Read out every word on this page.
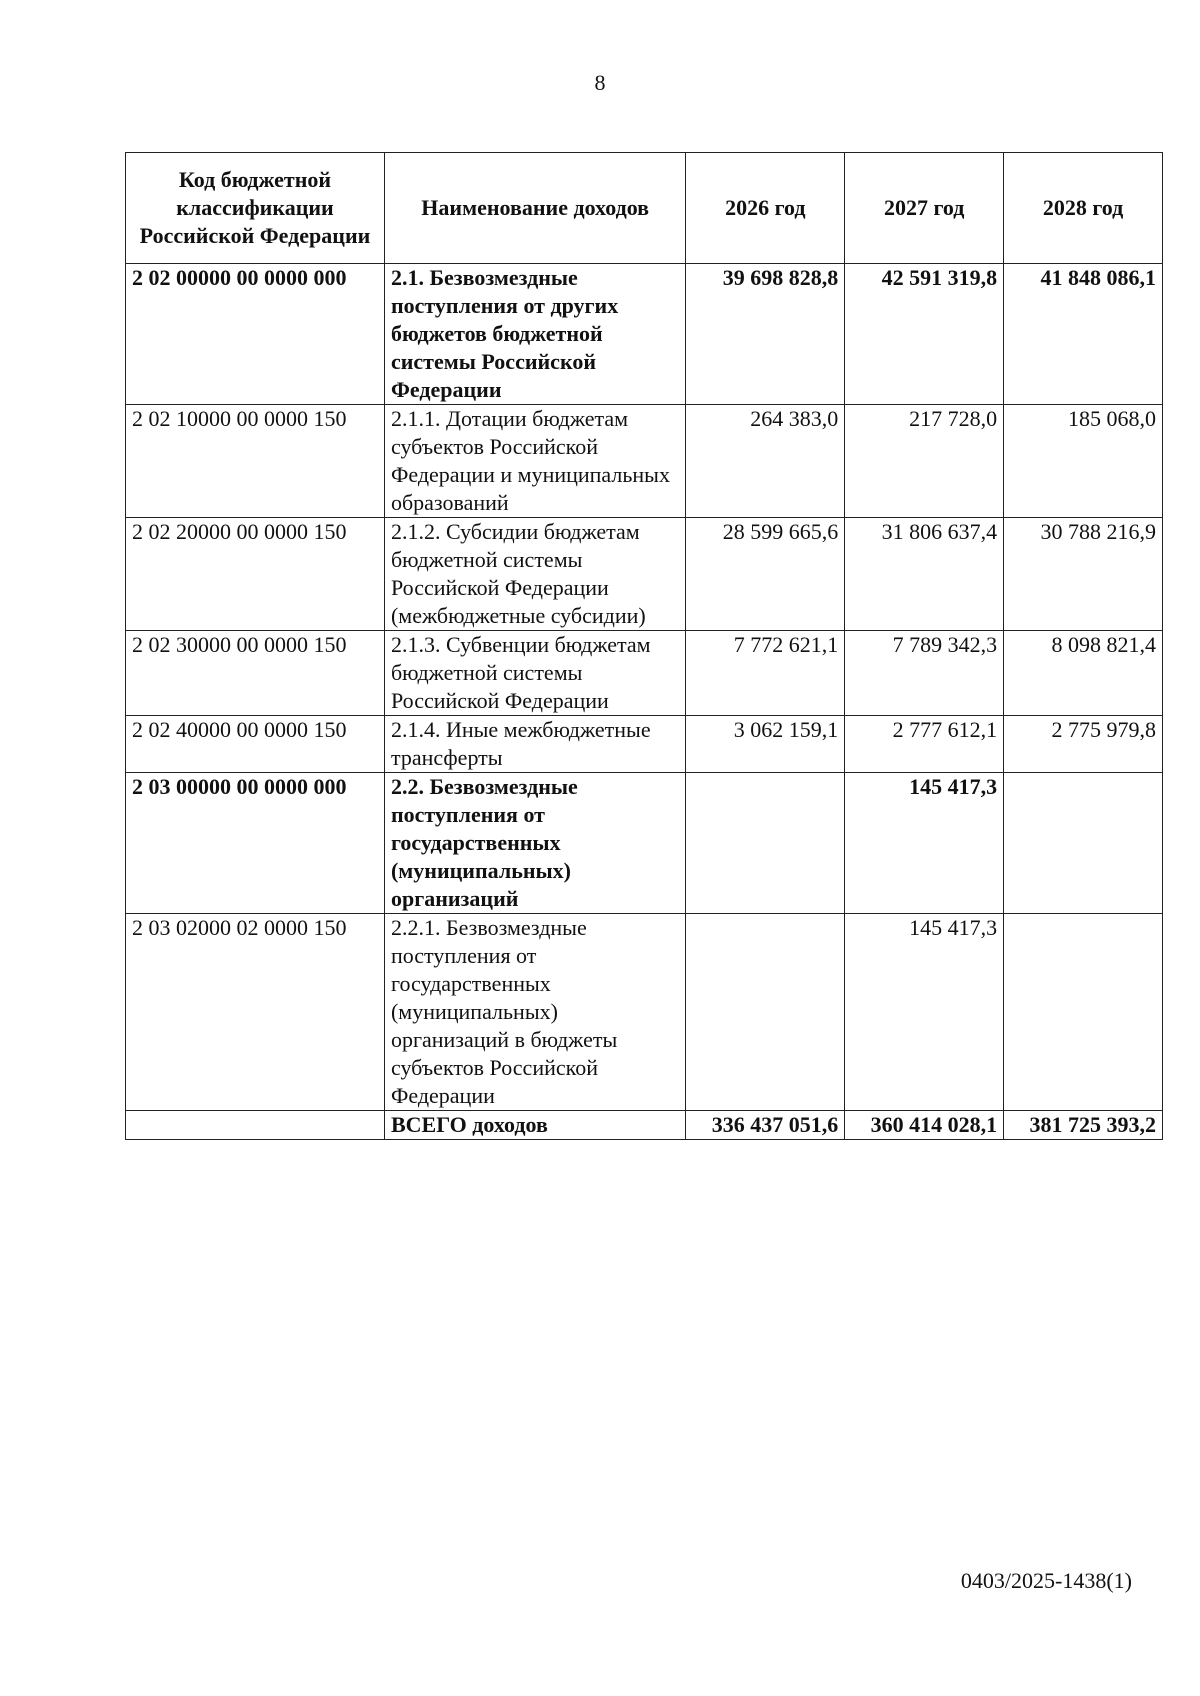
8
Код бюджетной классификации Российской Федерации	Наименование доходов	2026 год	2027 год	2028 год
2 02 00000 00 0000 000	2.1. Безвозмездные поступления от других бюджетов бюджетной системы Российской Федерации	39 698 828,8	42 591 319,8	41 848 086,1
2 02 10000 00 0000 150	2.1.1. Дотации бюджетам субъектов Российской Федерации и муниципальных образований	264 383,0	217 728,0	185 068,0
2 02 20000 00 0000 150	2.1.2. Субсидии бюджетам бюджетной системы Российской Федерации (межбюджетные субсидии)	28 599 665,6	31 806 637,4	30 788 216,9
2 02 30000 00 0000 150	2.1.3. Субвенции бюджетам бюджетной системы Российской Федерации	7 772 621,1	7 789 342,3	8 098 821,4
2 02 40000 00 0000 150	2.1.4. Иные межбюджетные трансферты	3 062 159,1	2 777 612,1	2 775 979,8
2 03 00000 00 0000 000	2.2. Безвозмездные поступления от государственных (муниципальных) организаций		145 417,3	
2 03 02000 02 0000 150	2.2.1. Безвозмездные поступления от государственных (муниципальных) организаций в бюджеты субъектов Российской Федерации		145 417,3	
	ВСЕГО доходов	336 437 051,6	360 414 028,1	381 725 393,2
0403/2025-1438(1)
